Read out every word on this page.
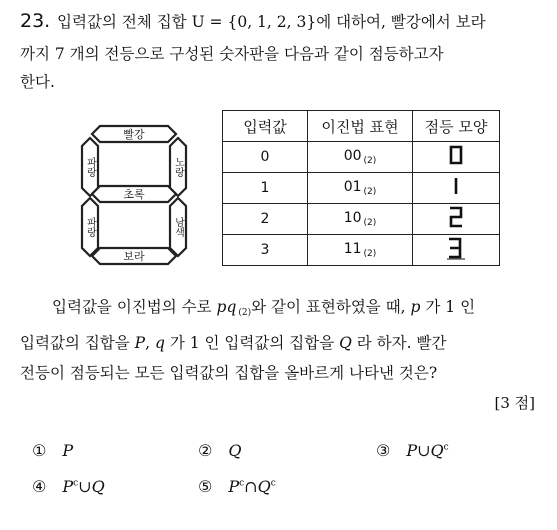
23. 입력값의 전체 집합 U = {0, 1, 2, 3}에 대하여, 빨강에서 보라
까지 7 개의 전등으로 구성된 숫자판을 다음과 같이 점등하고자
한다.
빨강
초록
보라
파랑	노랑
파랑	남색
입력값	이진법 표현	점등 모양
0	00 $_{(2)}$	
1	01 $_{(2)}$	
2	10 $_{(2)}$	
3	11 $_{(2)}$	
입력값을 이진법의 수로 pq $_{(2)}$와 같이 표현하였을 때, p 가 1 인
입력값의 집합을 P, q 가 1 인 입력값의 집합을 Q 라 하자. 빨간
전등이 점등되는 모든 입력값의 집합을 올바르게 나타낸 것은?
[3 점]
① P	② Q	③ $P\cup Q^c$
④ $P^c\cup Q$	⑤ $P^c\cap Q^c$
